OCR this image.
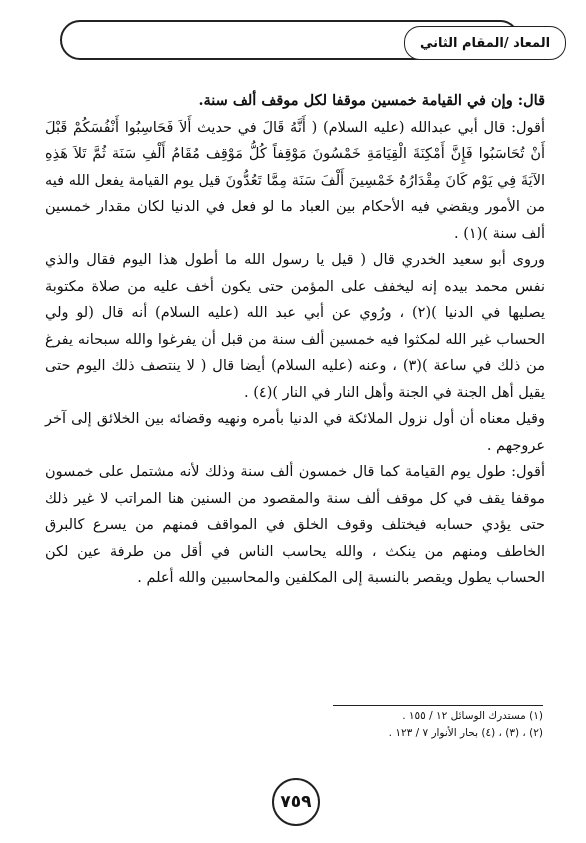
المعاد /المقام الثاني

قال: وإن في القيامة خمسين موقفا لكل موقف ألف سنة.

أقول: قال أبي عبدالله (عليه السلام) ( أَنَّهُ قَالَ في حديث أَلاَ فَحَاسِبُوا أَنْفُسَكُمْ قَبْلَ أَنْ تُحَاسَبُوا فَإِنَّ أَمْكِنَةَ الْقِيَامَةِ خَمْسُونَ مَوْقِفاً كُلُّ مَوْقِف مُقَامُ أَلْفِ سَنَة ثُمَّ تَلاَ هَذِهِ الآيَةَ فِي يَوْم كَانَ مِقْدَارُهُ خَمْسِينَ أَلْفَ سَنَة مِمَّا تَعُدُّونَ قيل يوم القيامة يفعل الله فيه من الأمور ويقضي فيه الأحكام بين العباد ما لو فعل في الدنيا لكان مقدار خمسين ألف سنة )(١) .

وروى أبو سعيد الخدري قال ( قيل يا رسول الله ما أطول هذا اليوم فقال والذي نفس محمد بيده إنه ليخفف على المؤمن حتى يكون أخف عليه من صلاة مكتوبة يصليها في الدنيا )(٢) ، ورُوي عن أبي عبد الله (عليه السلام) أنه قال (لو ولي الحساب غير الله لمكثوا فيه خمسين ألف سنة من قبل أن يفرغوا والله سبحانه يفرغ من ذلك في ساعة )(٣) ، وعنه (عليه السلام) أيضا قال ( لا ينتصف ذلك اليوم حتى يقيل أهل الجنة في الجنة وأهل النار في النار )(٤) .

وقيل معناه أن أول نزول الملائكة في الدنيا بأمره ونهيه وقضائه بين الخلائق إلى آخر عروجهم .

أقول: طول يوم القيامة كما قال خمسون ألف سنة وذلك لأنه مشتمل على خمسون موقفا يقف في كل موقف ألف سنة والمقصود من السنين هنا المراتب لا غير ذلك حتى يؤدي حسابه فيختلف وقوف الخلق في المواقف فمنهم من يسرع كالبرق الخاطف ومنهم من ينكث ، والله يحاسب الناس في أقل من طرفة عين لكن الحساب يطول ويقصر بالنسبة إلى المكلفين والمحاسبين والله أعلم .

(١) مستدرك الوسائل ١٢ / ١٥٥ .
(٢) ، (٣) ، (٤) بحار الأنوار ٧ / ١٢٣ .
٧٥٩
